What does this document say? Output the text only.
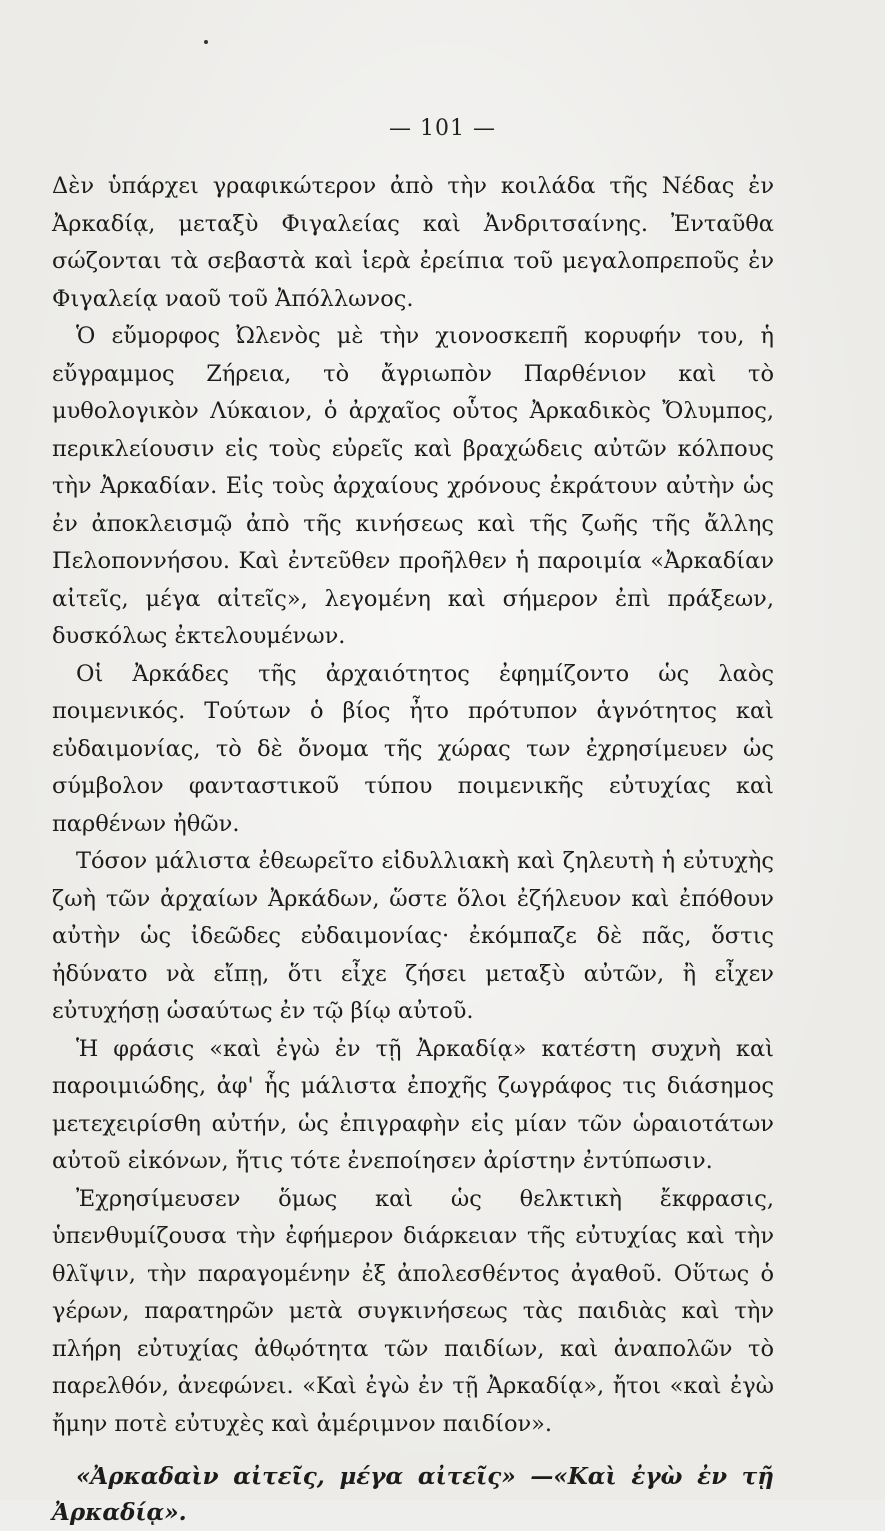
— 101 —

Δὲν ὑπάρχει γραφικώτερον ἀπὸ τὴν κοιλάδα τῆς Νέδας ἐν Ἀρκαδίᾳ, μεταξὺ Φιγαλείας καὶ Ἀνδριτσαίνης. Ἐνταῦθα σώζονται τὰ σεβαστὰ καὶ ἱερὰ ἐρείπια τοῦ μεγαλοπρεποῦς ἐν Φιγαλείᾳ ναοῦ τοῦ Ἀπόλλωνος.

Ὁ εὔμορφος Ὠλενὸς μὲ τὴν χιονοσκεπῆ κορυφήν του, ἡ εὔγραμμος Ζήρεια, τὸ ἄγριωπὸν Παρθένιον καὶ τὸ μυθολογικὸν Λύκαιον, ὁ ἀρχαῖος οὗτος Ἀρκαδικὸς Ὄλυμπος, περικλείουσιν εἰς τοὺς εὐρεῖς καὶ βραχώδεις αὐτῶν κόλπους τὴν Ἀρκαδίαν. Εἰς τοὺς ἀρχαίους χρόνους ἐκράτουν αὐτὴν ὡς ἐν ἀποκλεισμῷ ἀπὸ τῆς κινήσεως καὶ τῆς ζωῆς τῆς ἄλλης Πελοποννήσου. Καὶ ἐντεῦθεν προῆλθεν ἡ παροιμία «Ἀρκαδίαν αἰτεῖς, μέγα αἰτεῖς», λεγομένη καὶ σήμερον ἐπὶ πράξεων, δυσκόλως ἐκτελουμένων.

Οἱ Ἀρκάδες τῆς ἀρχαιότητος ἐφημίζοντο ὡς λαὸς ποιμενικός. Τούτων ὁ βίος ἦτο πρότυπον ἁγνότητος καὶ εὐδαιμονίας, τὸ δὲ ὄνομα τῆς χώρας των ἐχρησίμευεν ὡς σύμβολον φανταστικοῦ τύπου ποιμενικῆς εὐτυχίας καὶ παρθένων ἠθῶν.

Τόσον μάλιστα ἐθεωρεῖτο εἰδυλλιακὴ καὶ ζηλευτὴ ἡ εὐτυχὴς ζωὴ τῶν ἀρχαίων Ἀρκάδων, ὥστε ὅλοι ἐζήλευον καὶ ἐπόθουν αὐτὴν ὡς ἰδεῶδες εὐδαιμονίας· ἐκόμπαζε δὲ πᾶς, ὅστις ἠδύνατο νὰ εἴπῃ, ὅτι εἶχε ζήσει μεταξὺ αὐτῶν, ἢ εἶχεν εὐτυχήσῃ ὡσαύτως ἐν τῷ βίῳ αὐτοῦ.

Ἡ φράσις «καὶ ἐγὼ ἐν τῇ Ἀρκαδίᾳ» κατέστη συχνὴ καὶ παροιμιώδης, ἀφ' ἧς μάλιστα ἐποχῆς ζωγράφος τις διάσημος μετεχειρίσθη αὐτήν, ὡς ἐπιγραφὴν εἰς μίαν τῶν ὡραιοτάτων αὐτοῦ εἰκόνων, ἥτις τότε ἐνεποίησεν ἀρίστην ἐντύπωσιν.

Ἐχρησίμευσεν ὅμως καὶ ὡς θελκτικὴ ἔκφρασις, ὑπενθυμίζουσα τὴν ἐφήμερον διάρκειαν τῆς εὐτυχίας καὶ τὴν θλῖψιν, τὴν παραγομένην ἐξ ἀπολεσθέντος ἀγαθοῦ. Οὕτως ὁ γέρων, παρατηρῶν μετὰ συγκινήσεως τὰς παιδιὰς καὶ τὴν πλήρη εὐτυχίας ἀθῳότητα τῶν παιδίων, καὶ ἀναπολῶν τὸ παρελθόν, ἀνεφώνει. «Καὶ ἐγὼ ἐν τῇ Ἀρκαδίᾳ», ἤτοι «καὶ ἐγὼ ἤμην ποτὲ εὐτυχὲς καὶ ἀμέριμνον παιδίον».

«Ἀρκαδαὶν αἰτεῖς, μέγα αἰτεῖς» —«Καὶ ἐγὼ ἐν τῇ Ἀρκαδίᾳ».
